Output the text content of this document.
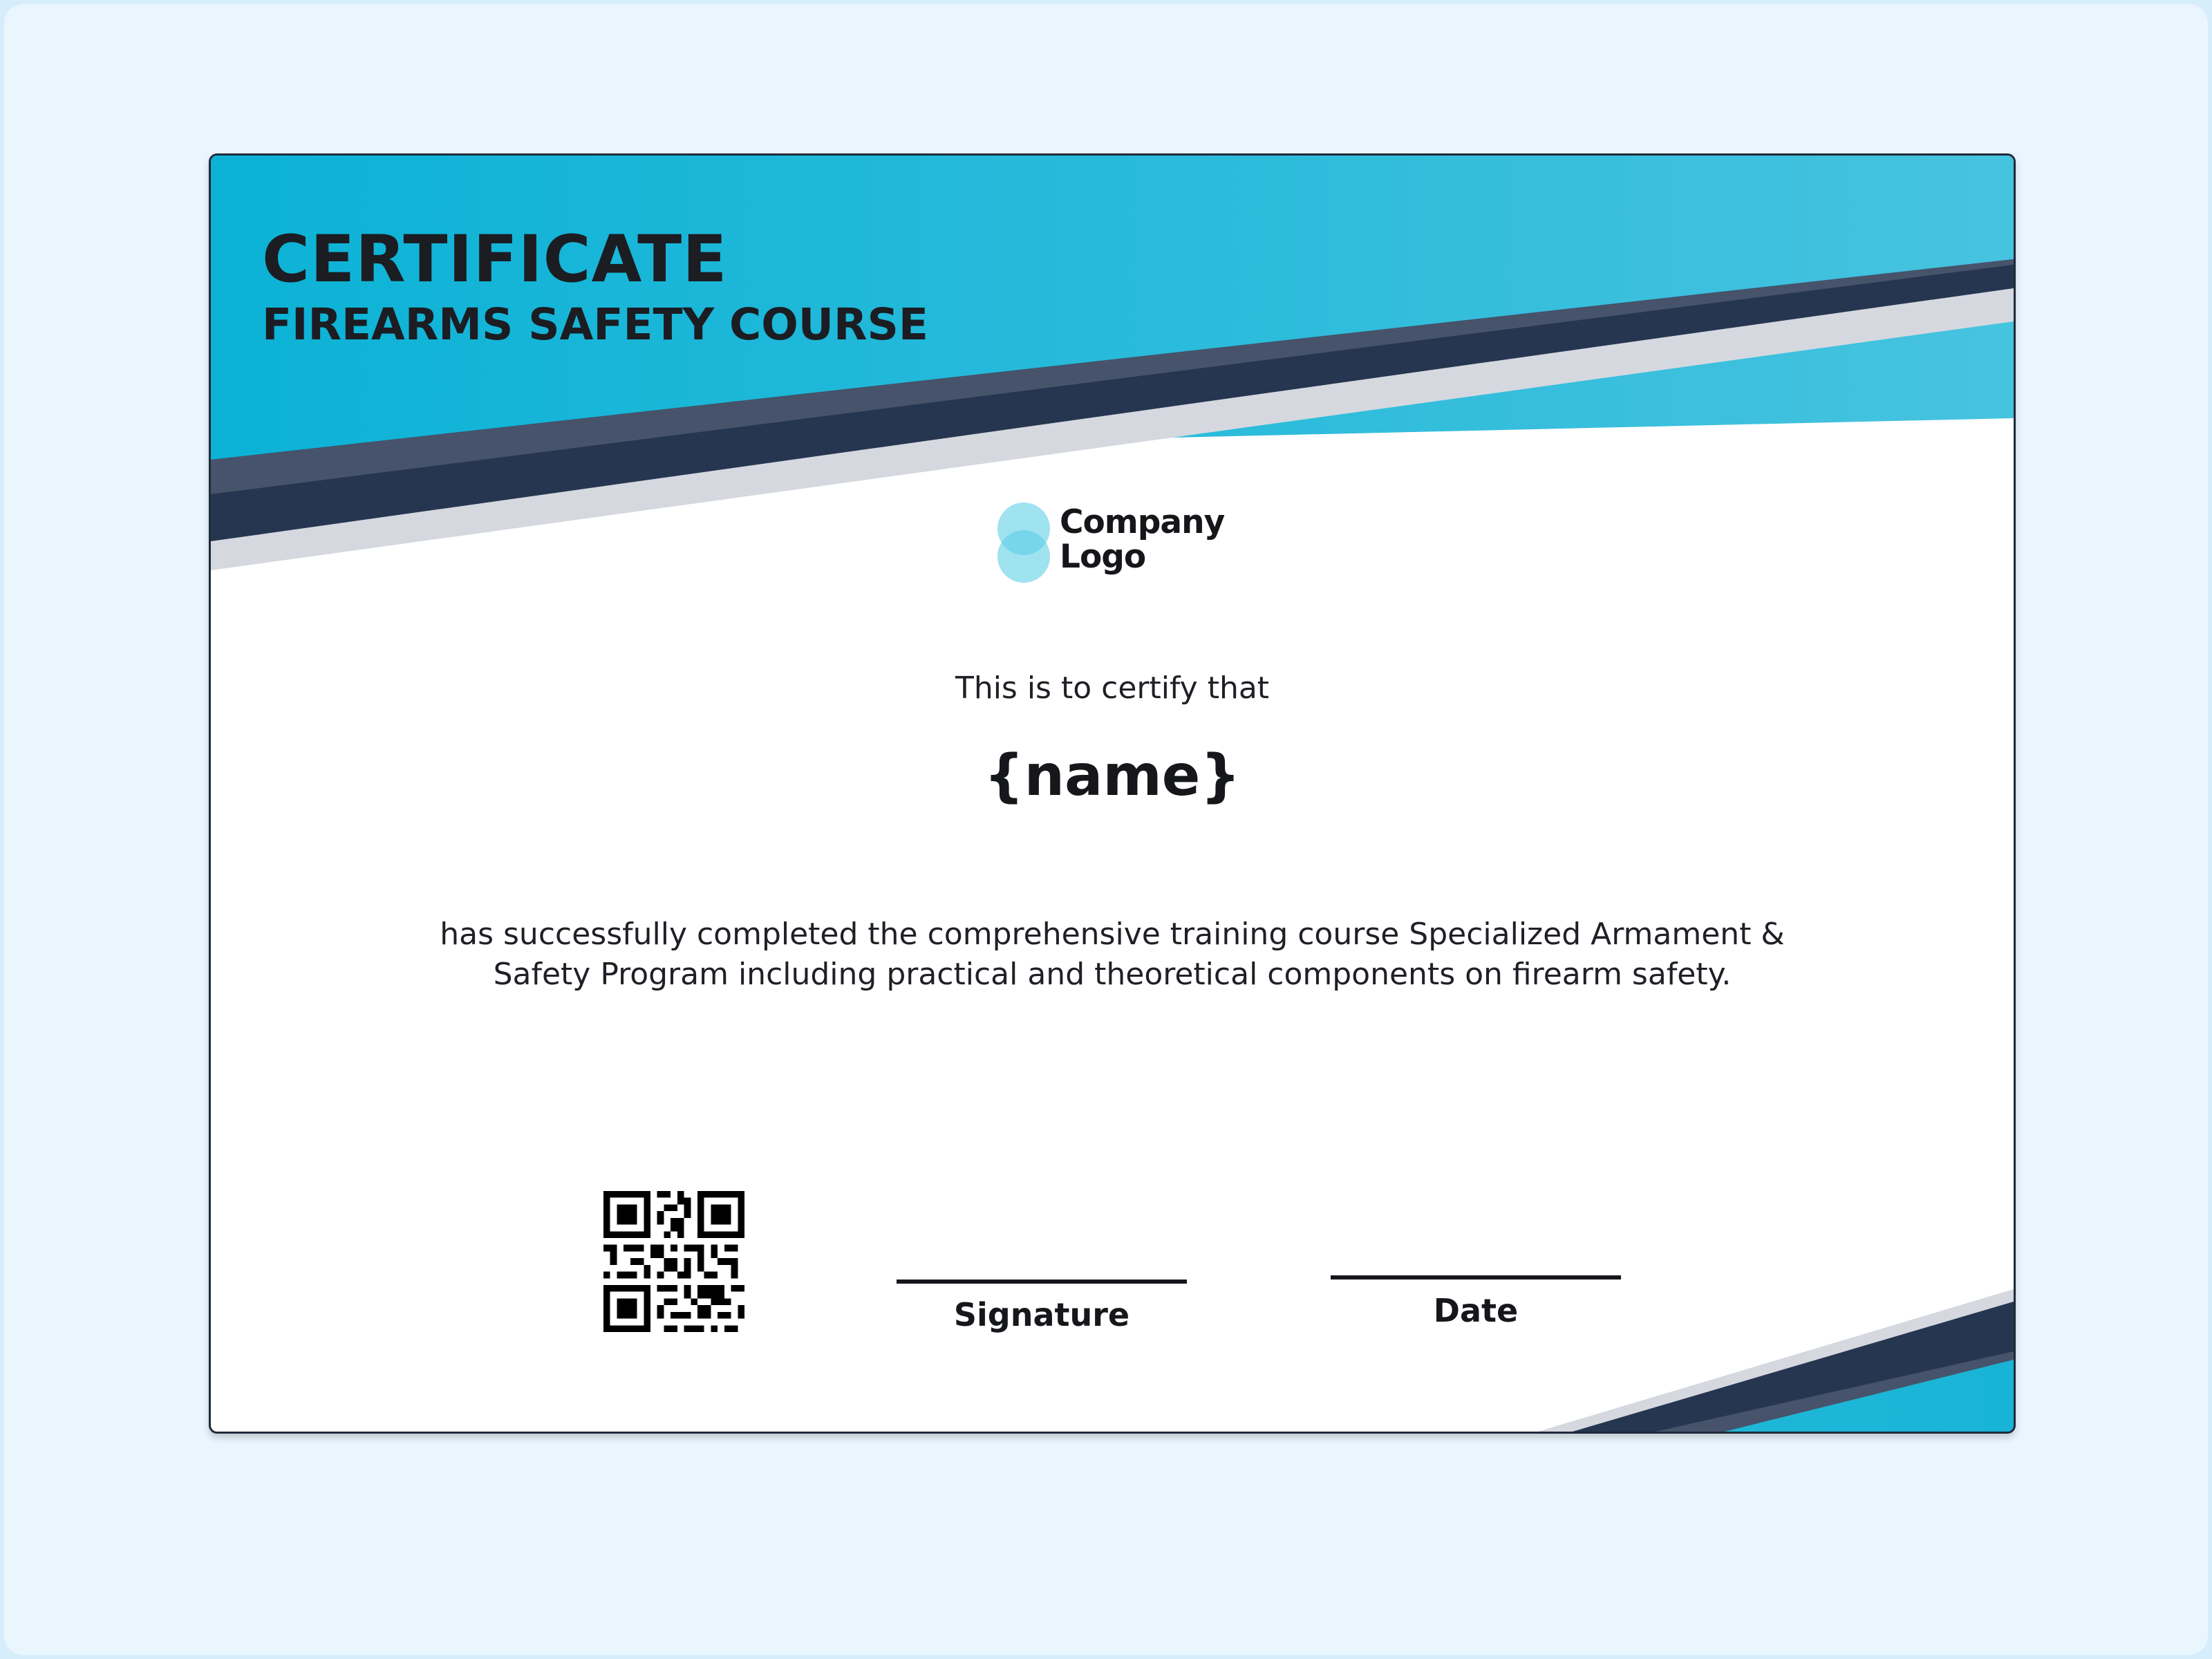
CERTIFICATE
FIREARMS SAFETY COURSE
Company
Logo
This is to certify that
{name}
has successfully completed the comprehensive training course Specialized Armament & Safety Program including practical and theoretical components on firearm safety.
Signature	Date
